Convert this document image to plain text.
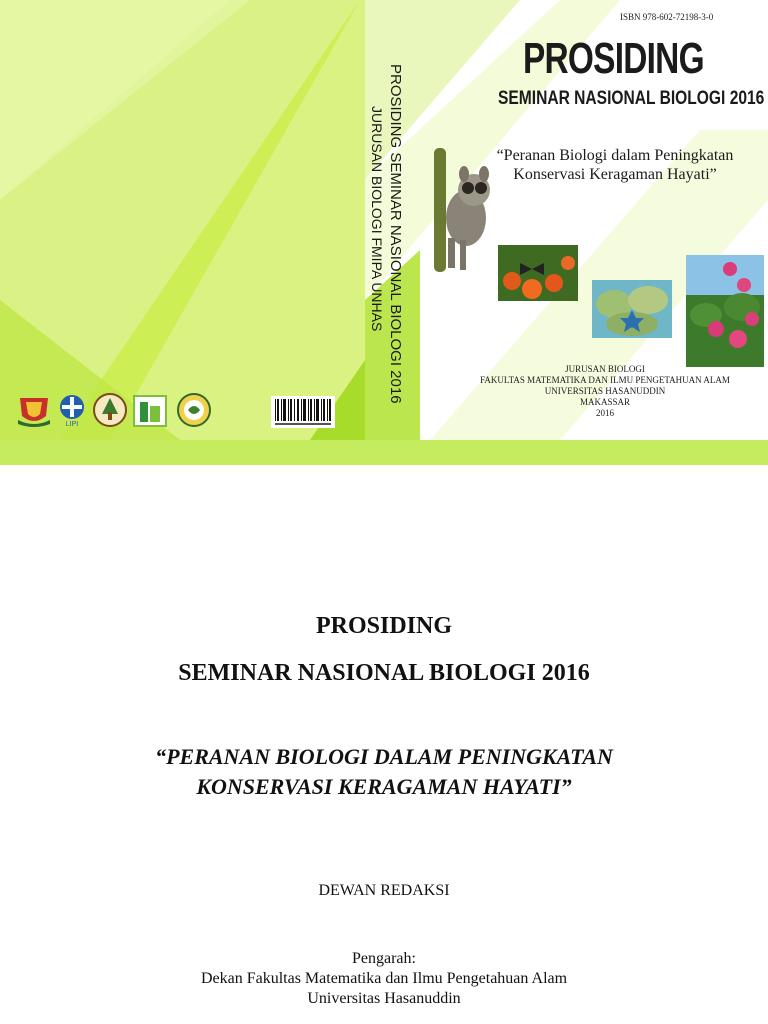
PROSIDING SEMINAR NASIONAL BIOLOGI 2016
JURUSAN BIOLOGI FMIPA UNHAS
ISBN 978-602-72198-3-0
PROSIDING
SEMINAR NASIONAL BIOLOGI 2016
“Peranan Biologi dalam Peningkatan
Konservasi Keragaman Hayati”
JURUSAN BIOLOGI
FAKULTAS MATEMATIKA DAN ILMU PENGETAHUAN ALAM
UNIVERSITAS HASANUDDIN
MAKASSAR
2016
LIPI
PROSIDING
SEMINAR NASIONAL BIOLOGI 2016
“PERANAN BIOLOGI DALAM PENINGKATAN
KONSERVASI KERAGAMAN HAYATI”
DEWAN REDAKSI
Pengarah:
Dekan Fakultas Matematika dan Ilmu Pengetahuan Alam
Universitas Hasanuddin
